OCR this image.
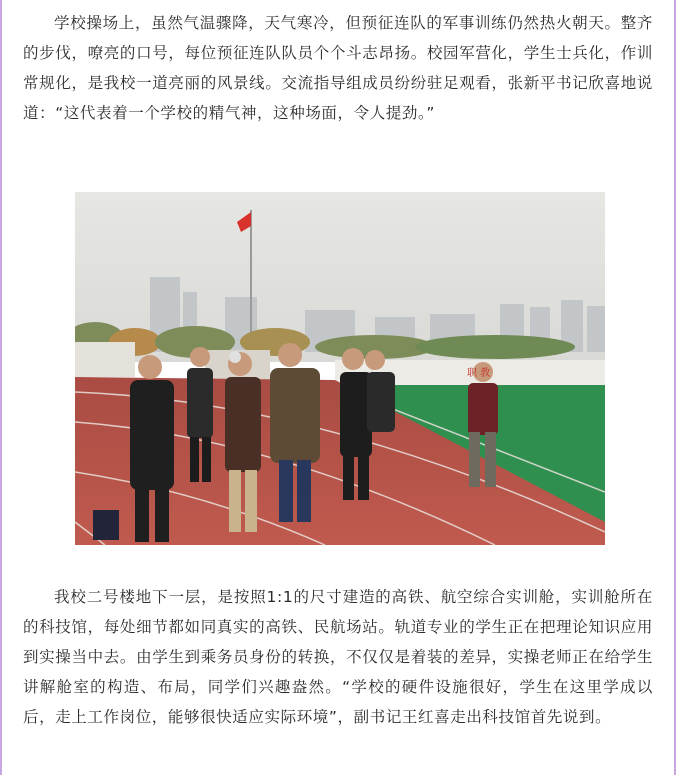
学校操场上，虽然气温骤降，天气寒冷，但预征连队的军事训练仍然热火朝天。整齐的步伐，嘹亮的口号，每位预征连队队员个个斗志昂扬。校园军营化，学生士兵化，作训常规化，是我校一道亮丽的风景线。交流指导组成员纷纷驻足观看，张新平书记欣喜地说道：“这代表着一个学校的精气神，这种场面，令人提劲。”

职 教

我校二号楼地下一层，是按照1:1的尺寸建造的高铁、航空综合实训舱，实训舱所在的科技馆，每处细节都如同真实的高铁、民航场站。轨道专业的学生正在把理论知识应用到实操当中去。由学生到乘务员身份的转换，不仅仅是着装的差异，实操老师正在给学生讲解舱室的构造、布局，同学们兴趣盎然。“学校的硬件设施很好，学生在这里学成以后，走上工作岗位，能够很快适应实际环境”，副书记王红喜走出科技馆首先说到。
